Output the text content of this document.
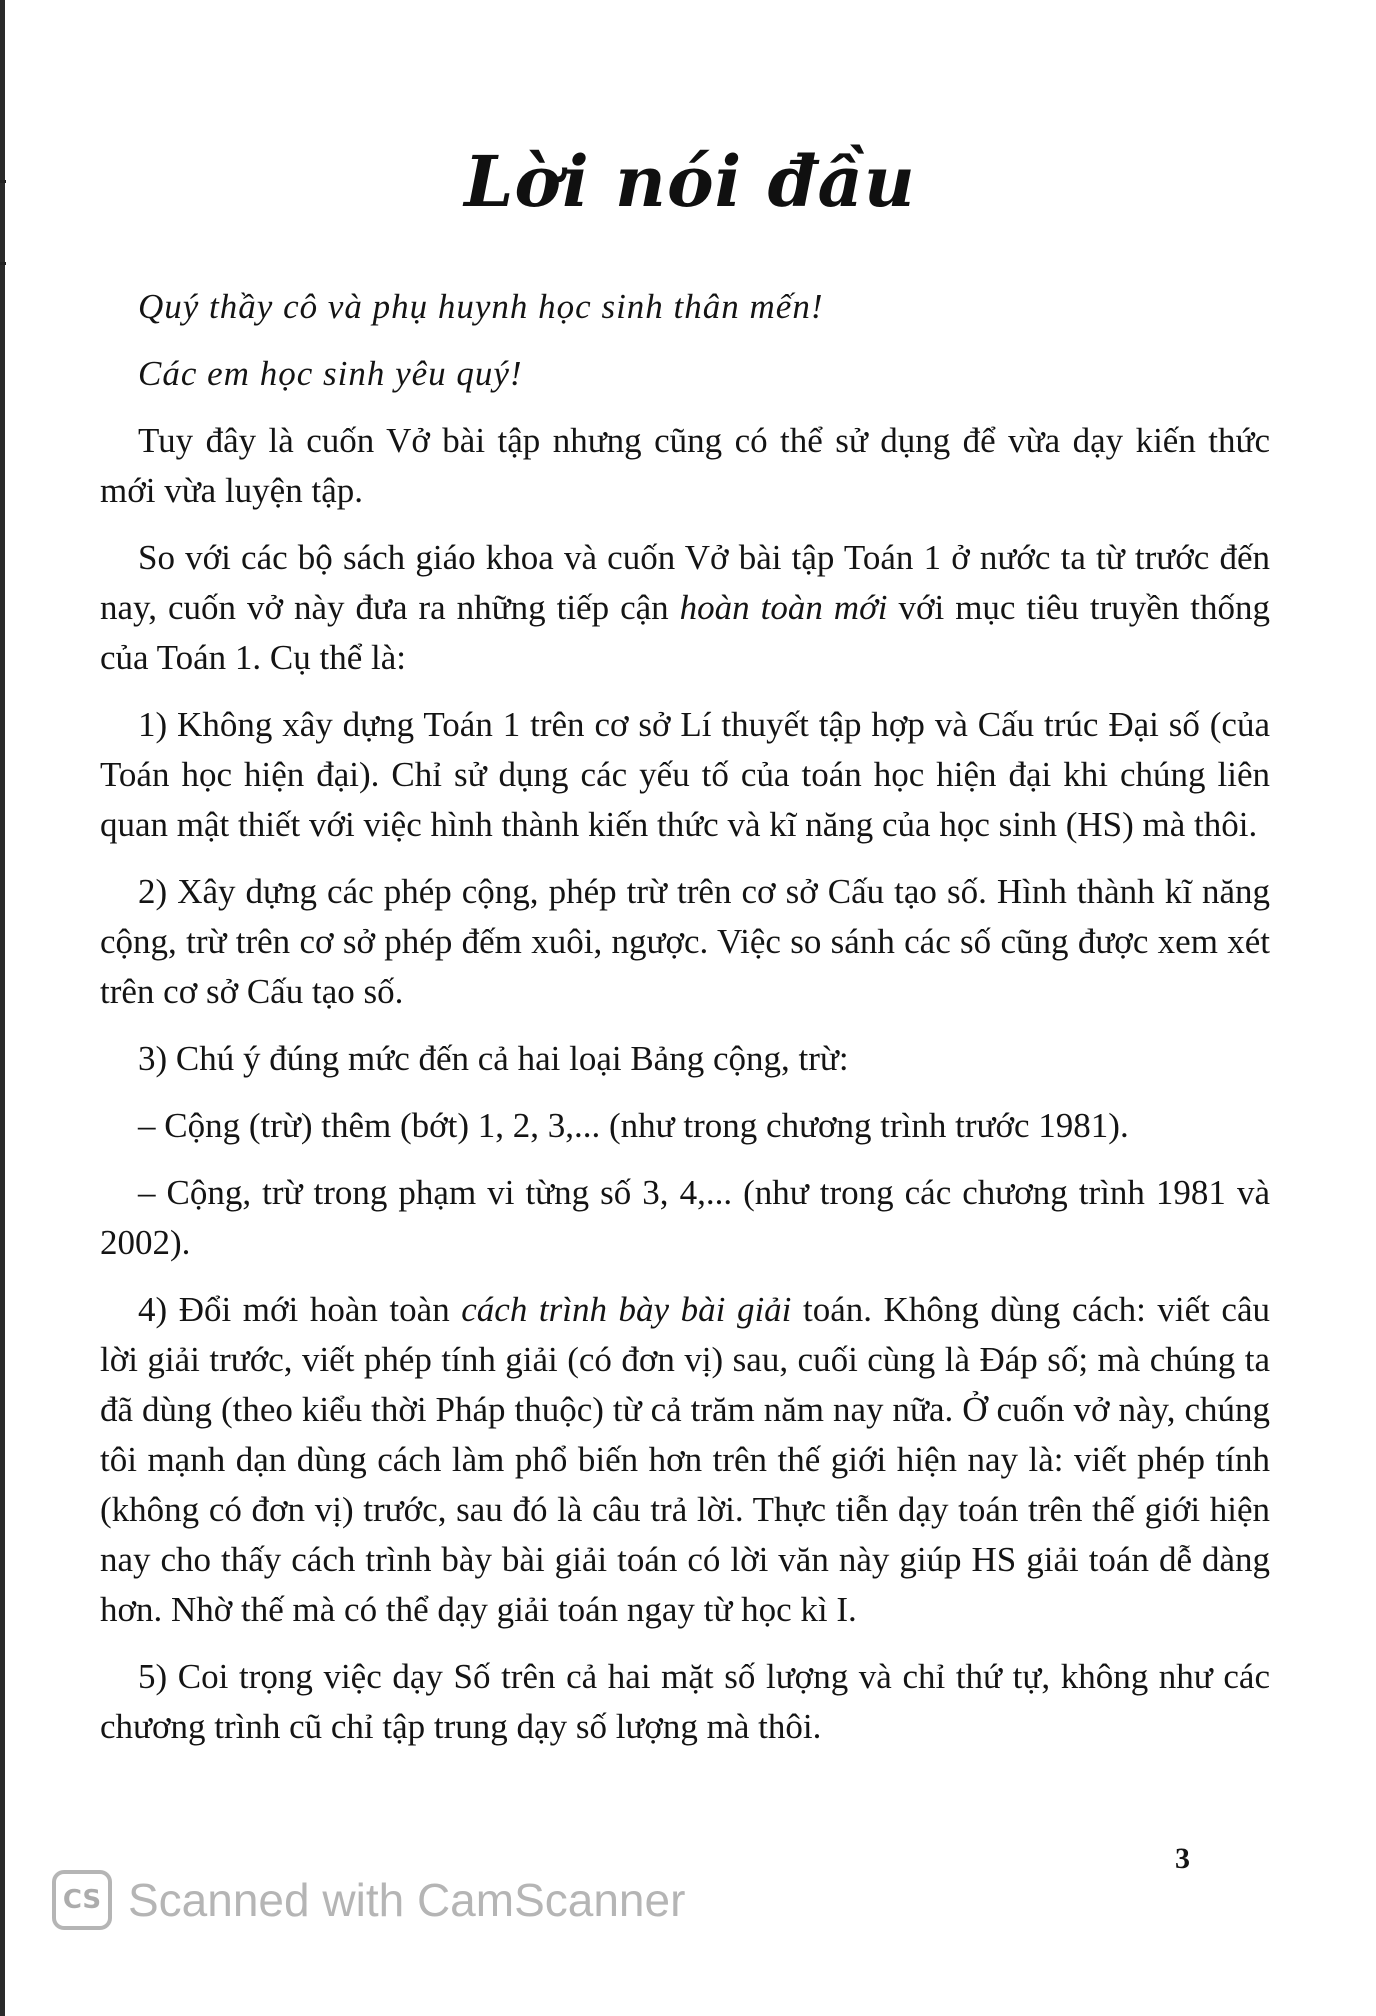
Lời nói đầu

Quý thầy cô và phụ huynh học sinh thân mến!

Các em học sinh yêu quý!

Tuy đây là cuốn Vở bài tập nhưng cũng có thể sử dụng để vừa dạy kiến thức mới vừa luyện tập.

So với các bộ sách giáo khoa và cuốn Vở bài tập Toán 1 ở nước ta từ trước đến nay, cuốn vở này đưa ra những tiếp cận hoàn toàn mới với mục tiêu truyền thống của Toán 1. Cụ thể là:

1) Không xây dựng Toán 1 trên cơ sở Lí thuyết tập hợp và Cấu trúc Đại số (của Toán học hiện đại). Chỉ sử dụng các yếu tố của toán học hiện đại khi chúng liên quan mật thiết với việc hình thành kiến thức và kĩ năng của học sinh (HS) mà thôi.

2) Xây dựng các phép cộng, phép trừ trên cơ sở Cấu tạo số. Hình thành kĩ năng cộng, trừ trên cơ sở phép đếm xuôi, ngược. Việc so sánh các số cũng được xem xét trên cơ sở Cấu tạo số.

3) Chú ý đúng mức đến cả hai loại Bảng cộng, trừ:

– Cộng (trừ) thêm (bớt) 1, 2, 3,... (như trong chương trình trước 1981).

– Cộng, trừ trong phạm vi từng số 3, 4,... (như trong các chương trình 1981 và 2002).

4) Đổi mới hoàn toàn cách trình bày bài giải toán. Không dùng cách: viết câu lời giải trước, viết phép tính giải (có đơn vị) sau, cuối cùng là Đáp số; mà chúng ta đã dùng (theo kiểu thời Pháp thuộc) từ cả trăm năm nay nữa. Ở cuốn vở này, chúng tôi mạnh dạn dùng cách làm phổ biến hơn trên thế giới hiện nay là: viết phép tính (không có đơn vị) trước, sau đó là câu trả lời. Thực tiễn dạy toán trên thế giới hiện nay cho thấy cách trình bày bài giải toán có lời văn này giúp HS giải toán dễ dàng hơn. Nhờ thế mà có thể dạy giải toán ngay từ học kì I.

5) Coi trọng việc dạy Số trên cả hai mặt số lượng và chỉ thứ tự, không như các chương trình cũ chỉ tập trung dạy số lượng mà thôi.

3
CS Scanned with CamScanner
